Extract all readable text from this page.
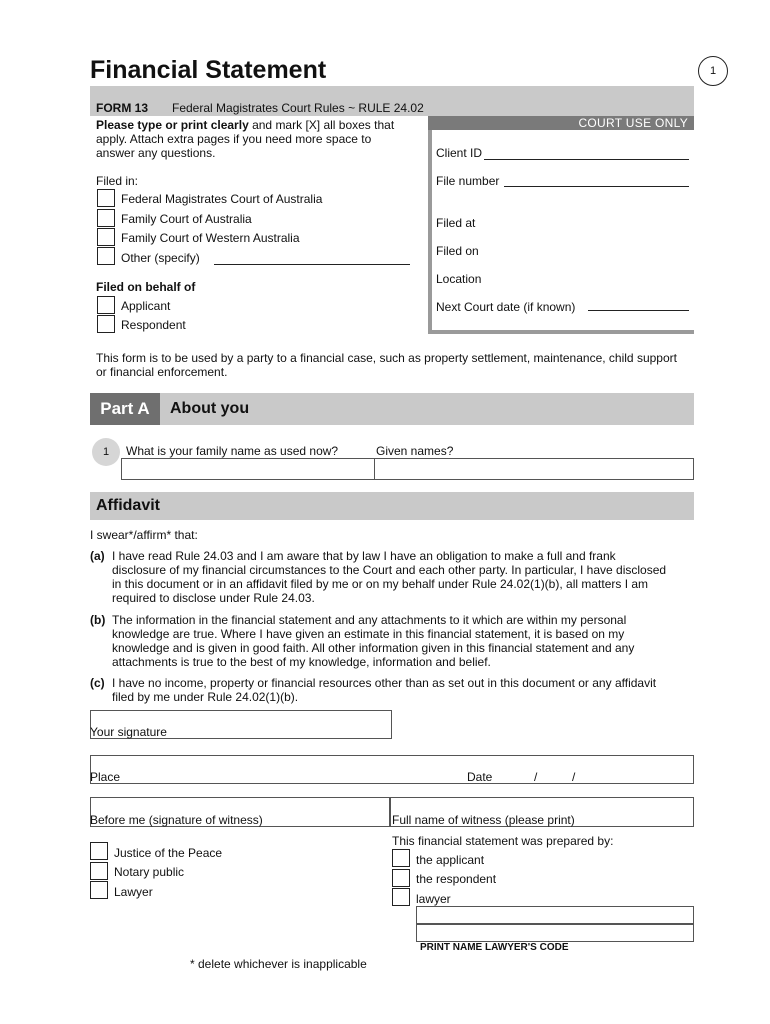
Financial Statement	1
FORM 13 Federal Magistrates Court Rules ~ RULE 24.02
Please type or print clearly and mark [X] all boxes that
apply. Attach extra pages if you need more space to
answer any questions.
COURT USE ONLY
Client ID
File number
Filed at
Filed on
Location
Next Court date (if known)
Filed in:
Federal Magistrates Court of Australia
Family Court of Australia
Family Court of Western Australia
Other (specify)
Filed on behalf of
Applicant
Respondent
This form is to be used by a party to a financial case, such as property settlement, maintenance, child support or financial enforcement.
Part A	About you
1	What is your family name as used now?	Given names?
Affidavit
I swear*/affirm* that:
(a) I have read Rule 24.03 and I am aware that by law I have an obligation to make a full and frank disclosure of my financial circumstances to the Court and each other party. In particular, I have disclosed in this document or in an affidavit filed by me or on my behalf under Rule 24.02(1)(b), all matters I am required to disclose under Rule 24.03.
(b) The information in the financial statement and any attachments to it which are within my personal knowledge are true. Where I have given an estimate in this financial statement, it is based on my knowledge and is given in good faith. All other information given in this financial statement and any attachments is true to the best of my knowledge, information and belief.
(c) I have no income, property or financial resources other than as set out in this document or any affidavit filed by me under Rule 24.02(1)(b).
Your signature
Place	Date	/	/
Before me (signature of witness)	Full name of witness (please print)
Justice of the Peace
Notary public
Lawyer
This financial statement was prepared by:
the applicant
the respondent
lawyer
PRINT NAME LAWYER'S CODE
* delete whichever is inapplicable
